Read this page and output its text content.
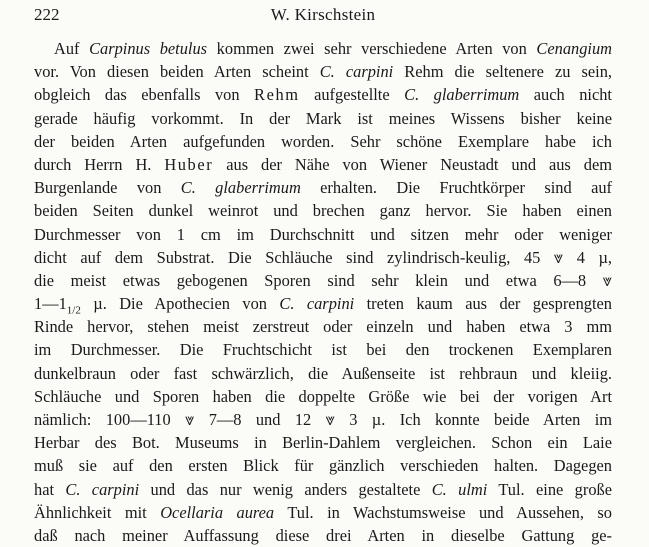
222	W. Kirschstein
Auf Carpinus betulus kommen zwei sehr verschiedene Arten von Cenangium
vor. Von diesen beiden Arten scheint C. carpini Rehm die seltenere zu sein,
obgleich das ebenfalls von Rehm aufgestellte C. glaberrimum auch nicht
gerade häufig vorkommt. In der Mark ist meines Wissens bisher keine
der beiden Arten aufgefunden worden. Sehr schöne Exemplare habe ich
durch Herrn H. Huber aus der Nähe von Wiener Neustadt und aus dem
Burgenlande von C. glaberrimum erhalten. Die Fruchtkörper sind auf
beiden Seiten dunkel weinrot und brechen ganz hervor. Sie haben einen
Durchmesser von 1 cm im Durchschnitt und sitzen mehr oder weniger
dicht auf dem Substrat. Die Schläuche sind zylindrisch-keulig, 45 ⩔ 4 µ,
die meist etwas gebogenen Sporen sind sehr klein und etwa 6—8 ⩔
$1—1_{1/2}$ µ. Die Apothecien von C. carpini treten kaum aus der gesprengten
Rinde hervor, stehen meist zerstreut oder einzeln und haben etwa 3 mm
im Durchmesser. Die Fruchtschicht ist bei den trockenen Exemplaren
dunkelbraun oder fast schwärzlich, die Außenseite ist rehbraun und kleiig.
Schläuche und Sporen haben die doppelte Größe wie bei der vorigen Art
nämlich: 100—110 ⩔ 7—8 und 12 ⩔ 3 µ. Ich konnte beide Arten im
Herbar des Bot. Museums in Berlin-Dahlem vergleichen. Schon ein Laie
muß sie auf den ersten Blick für gänzlich verschieden halten. Dagegen
hat C. carpini und das nur wenig anders gestaltete C. ulmi Tul. eine große
Ähnlichkeit mit Ocellaria aurea Tul. in Wachstumsweise und Aussehen, so
daß nach meiner Auffassung diese drei Arten in dieselbe Gattung ge-
